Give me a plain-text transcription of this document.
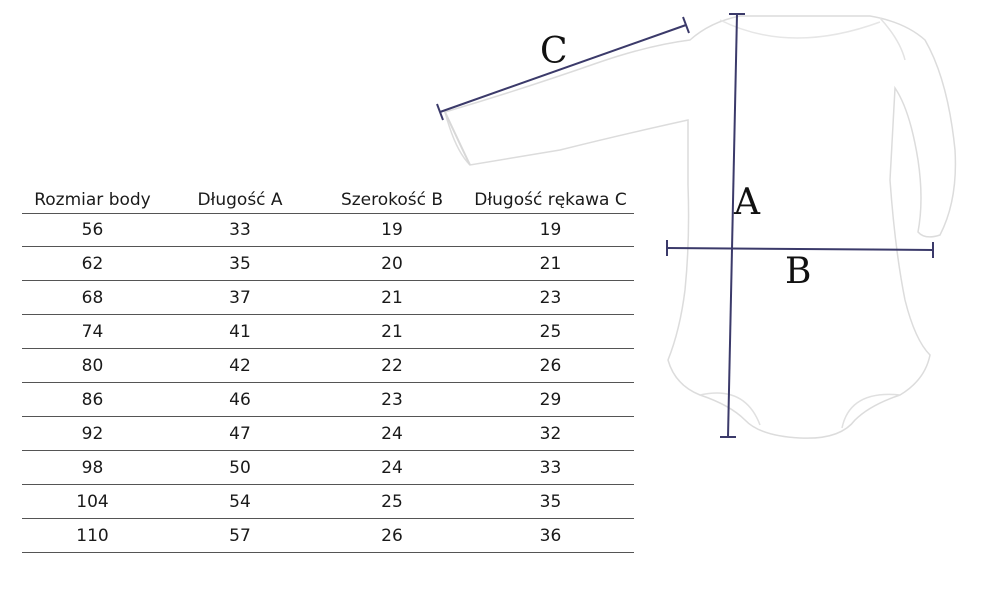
Rozmiar body	Długość A	Szerokość B	Długość rękawa C
56	33	19	19
62	35	20	21
68	37	21	23
74	41	21	25
80	42	22	26
86	46	23	29
92	47	24	32
98	50	24	33
104	54	25	35
110	57	26	36
C
A
B
